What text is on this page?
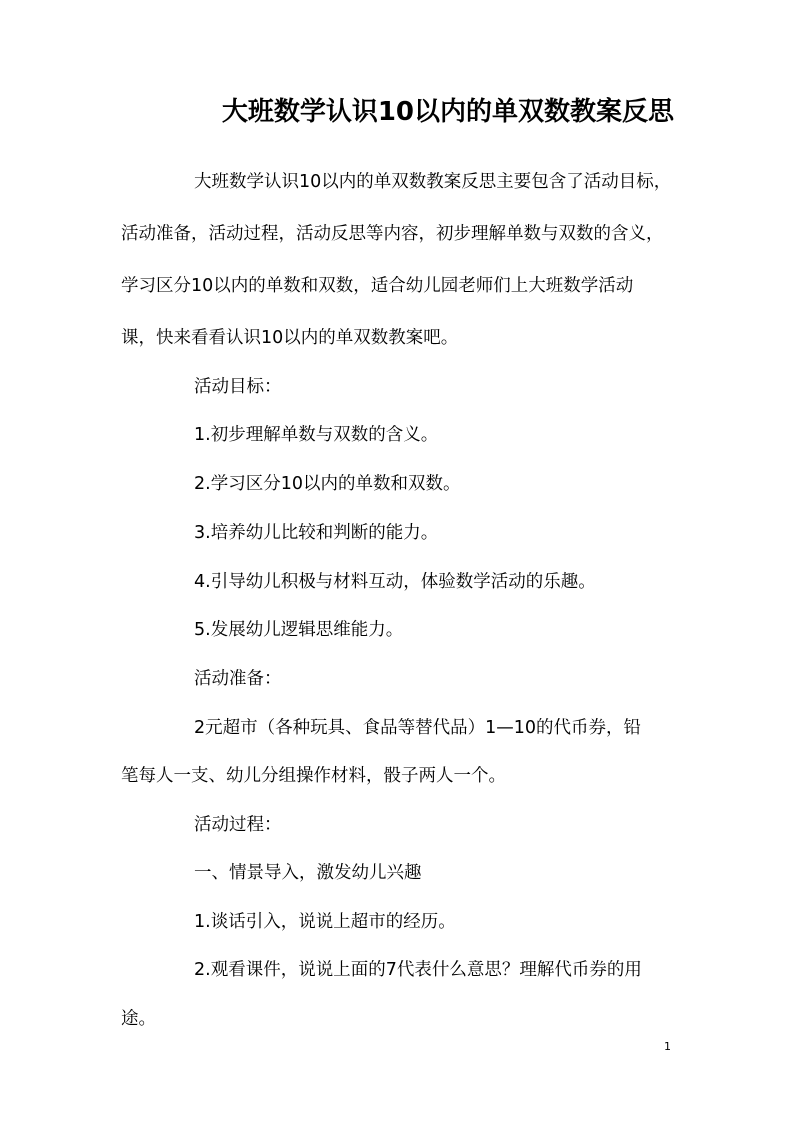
大班数学认识10以内的单双数教案反思
大班数学认识10以内的单双数教案反思主要包含了活动目标，
活动准备，活动过程，活动反思等内容，初步理解单数与双数的含义，
学习区分10以内的单数和双数，适合幼儿园老师们上大班数学活动
课，快来看看认识10以内的单双数教案吧。
活动目标：
1.初步理解单数与双数的含义。
2.学习区分10以内的单数和双数。
3.培养幼儿比较和判断的能力。
4.引导幼儿积极与材料互动，体验数学活动的乐趣。
5.发展幼儿逻辑思维能力。
活动准备：
2元超市（各种玩具、食品等替代品）1—10的代币券，铅
笔每人一支、幼儿分组操作材料，骰子两人一个。
活动过程：
一、情景导入，激发幼儿兴趣
1.谈话引入，说说上超市的经历。
2.观看课件，说说上面的7代表什么意思？理解代币券的用
途。
1
